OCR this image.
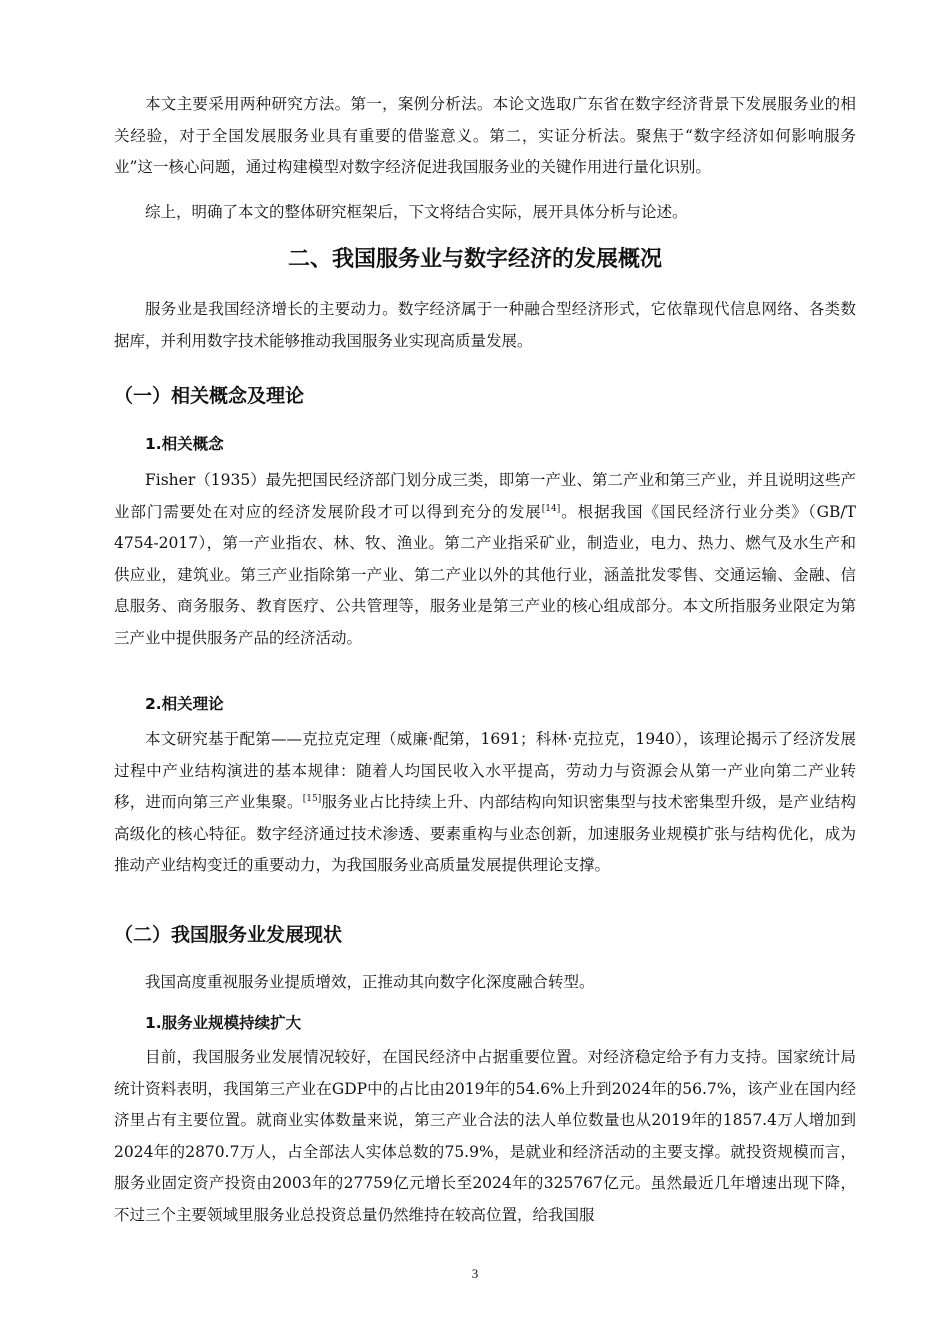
本文主要采用两种研究方法。第一，案例分析法。本论文选取广东省在数字经济背景下发展服务业的相关经验，对于全国发展服务业具有重要的借鉴意义。第二，实证分析法。聚焦于“数字经济如何影响服务业”这一核心问题，通过构建模型对数字经济促进我国服务业的关键作用进行量化识别。

综上，明确了本文的整体研究框架后，下文将结合实际，展开具体分析与论述。

二、我国服务业与数字经济的发展概况

服务业是我国经济增长的主要动力。数字经济属于一种融合型经济形式，它依靠现代信息网络、各类数据库，并利用数字技术能够推动我国服务业实现高质量发展。

（一）相关概念及理论
1.相关概念

Fisher（1935）最先把国民经济部门划分成三类，即第一产业、第二产业和第三产业，并且说明这些产业部门需要处在对应的经济发展阶段才可以得到充分的发展[14]。根据我国《国民经济行业分类》（GB/T 4754-2017），第一产业指农、林、牧、渔业。第二产业指采矿业，制造业，电力、热力、燃气及水生产和供应业，建筑业。第三产业指除第一产业、第二产业以外的其他行业，涵盖批发零售、交通运输、金融、信息服务、商务服务、教育医疗、公共管理等，服务业是第三产业的核心组成部分。本文所指服务业限定为第三产业中提供服务产品的经济活动。

2.相关理论

本文研究基于配第——克拉克定理（威廉·配第，1691；科林·克拉克，1940），该理论揭示了经济发展过程中产业结构演进的基本规律：随着人均国民收入水平提高，劳动力与资源会从第一产业向第二产业转移，进而向第三产业集聚。[15]服务业占比持续上升、内部结构向知识密集型与技术密集型升级，是产业结构高级化的核心特征。数字经济通过技术渗透、要素重构与业态创新，加速服务业规模扩张与结构优化，成为推动产业结构变迁的重要动力，为我国服务业高质量发展提供理论支撑。

（二）我国服务业发展现状

我国高度重视服务业提质增效，正推动其向数字化深度融合转型。

1.服务业规模持续扩大

目前，我国服务业发展情况较好，在国民经济中占据重要位置。对经济稳定给予有力支持。国家统计局统计资料表明，我国第三产业在GDP中的占比由2019年的54.6%上升到2024年的56.7%，该产业在国内经济里占有主要位置。就商业实体数量来说，第三产业合法的法人单位数量也从2019年的1857.4万人增加到2024年的2870.7万人，占全部法人实体总数的75.9%，是就业和经济活动的主要支撑。就投资规模而言，服务业固定资产投资由2003年的27759亿元增长至2024年的325767亿元。虽然最近几年增速出现下降，不过三个主要领域里服务业总投资总量仍然维持在较高位置，给我国服

3
